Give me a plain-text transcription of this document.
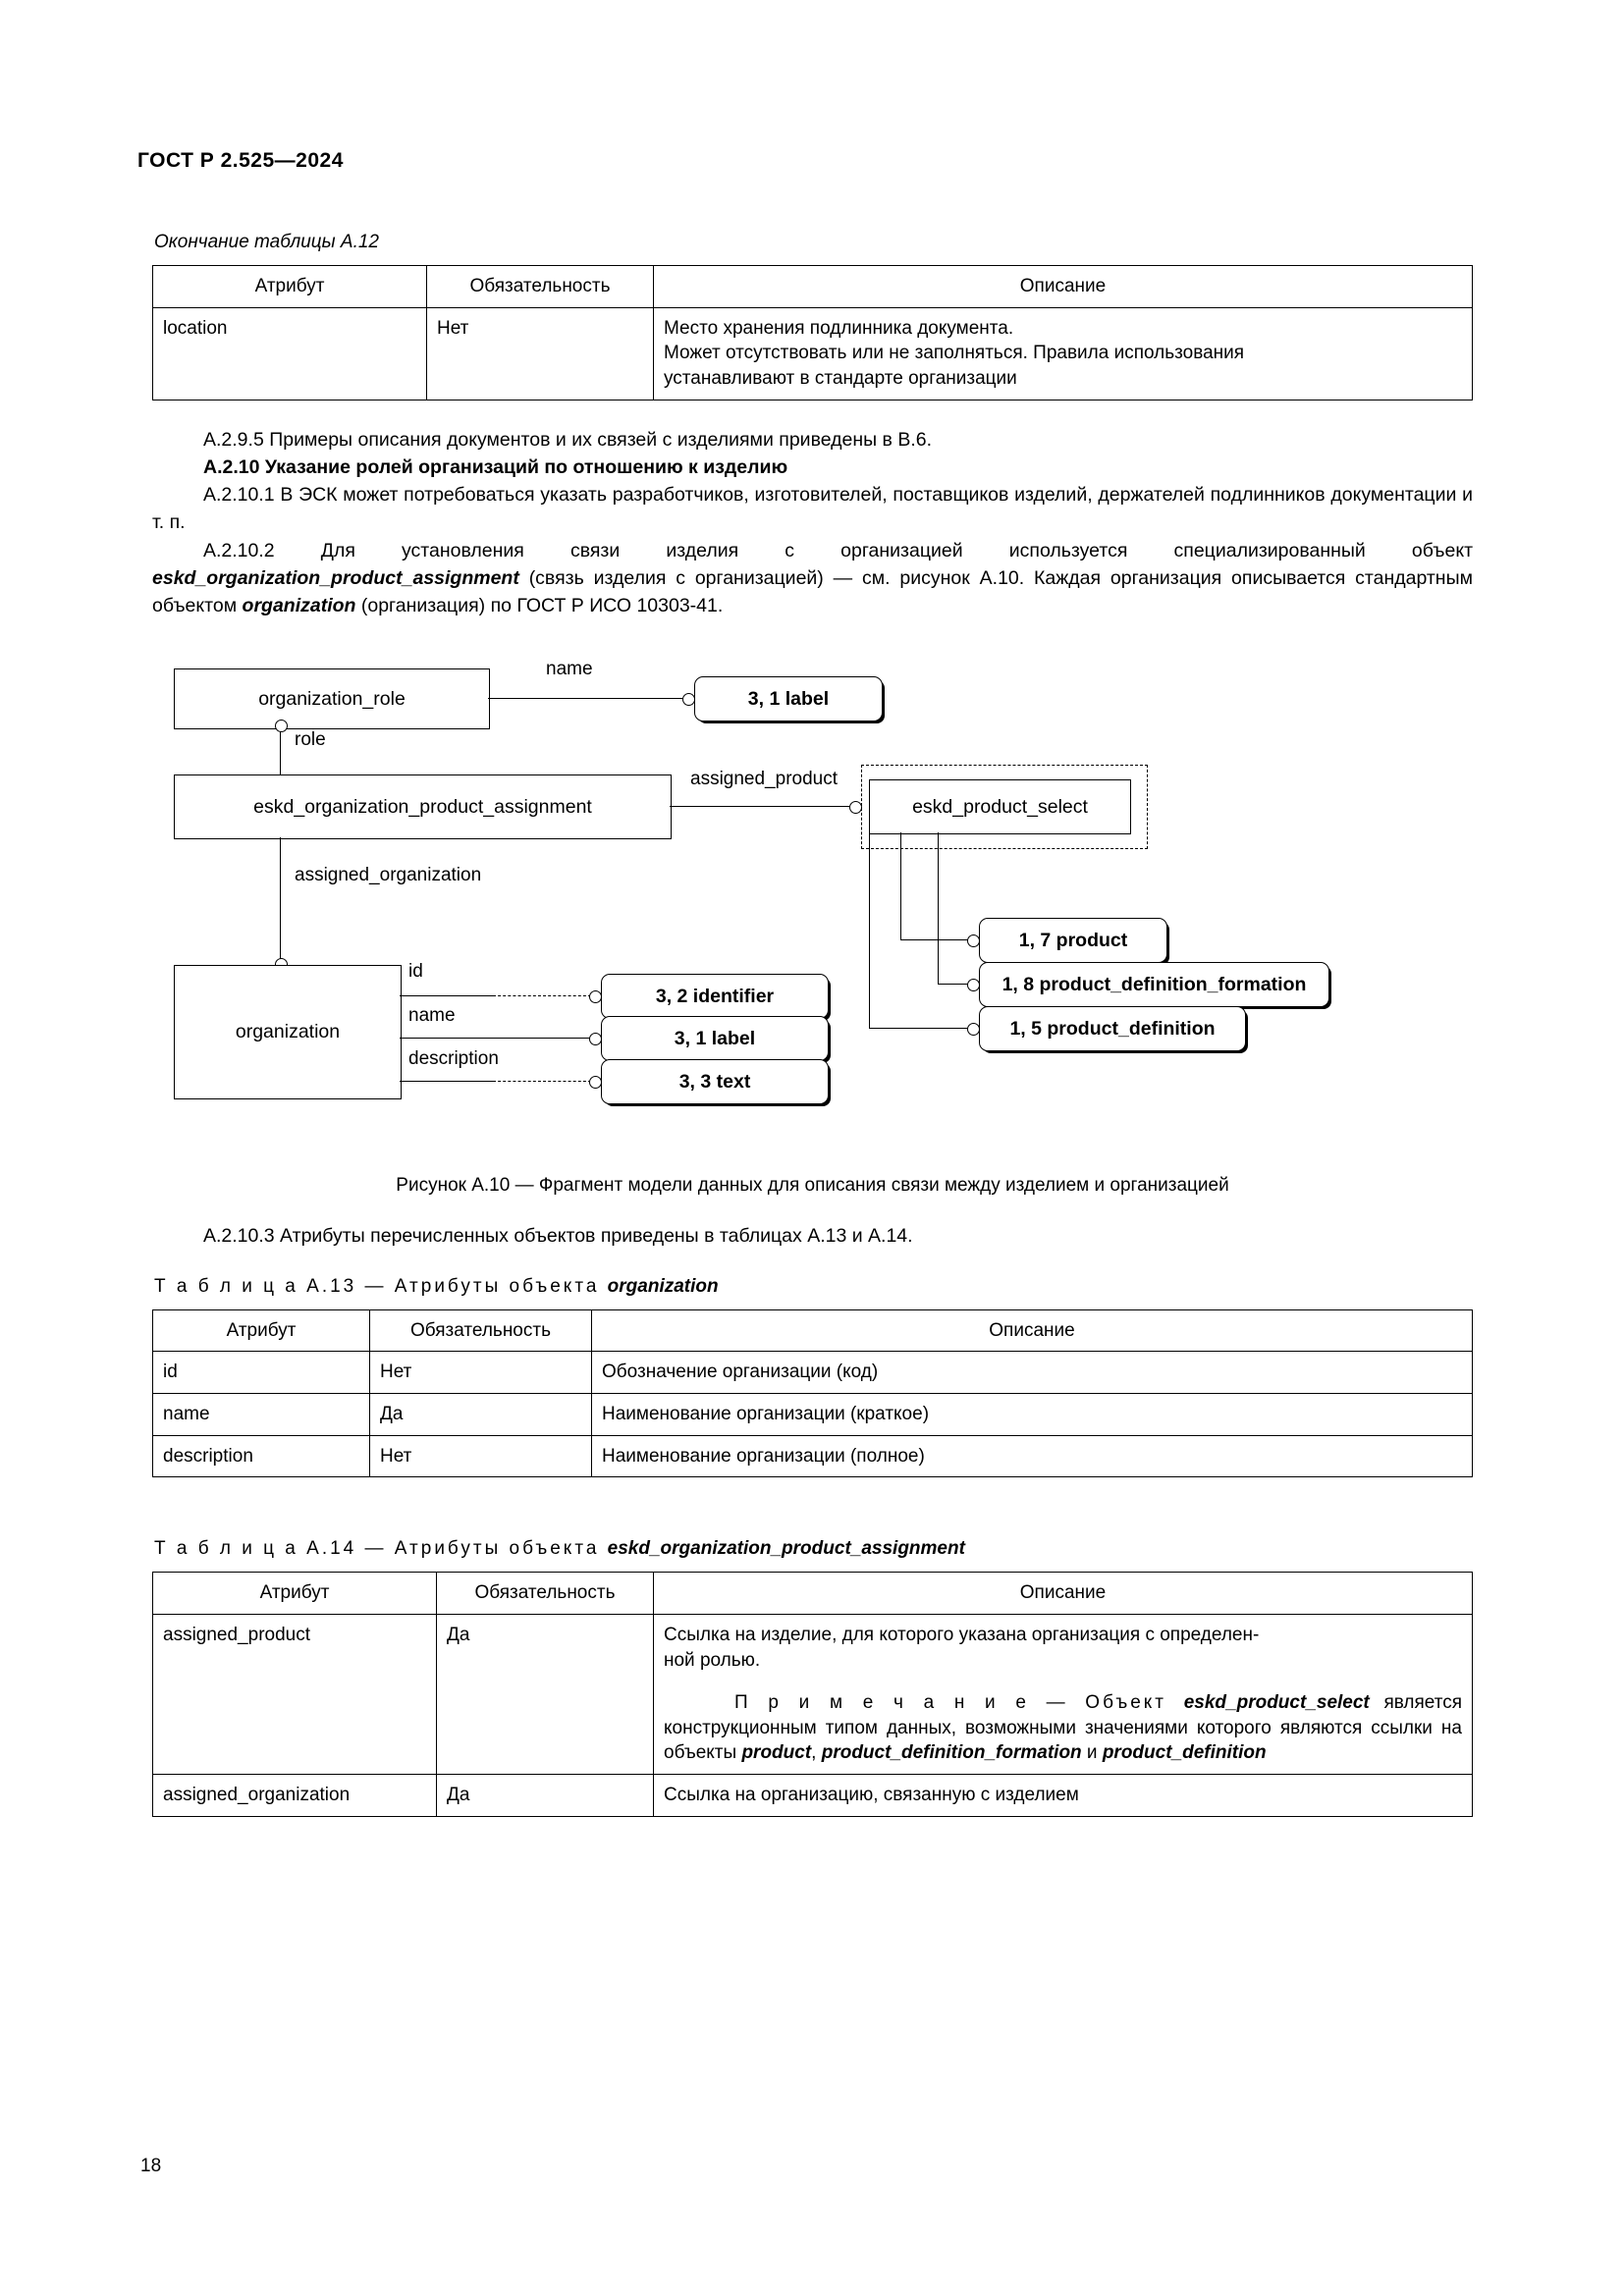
ГОСТ Р 2.525—2024
Окончание таблицы А.12
Атрибут	Обязательность	Описание
location	Нет	Место хранения подлинника документа.
Может отсутствовать или не заполняться. Правила использования
устанавливают в стандарте организации

А.2.9.5 Примеры описания документов и их связей с изделиями приведены в В.6.

А.2.10 Указание ролей организаций по отношению к изделию

А.2.10.1 В ЭСК может потребоваться указать разработчиков, изготовителей, поставщиков изделий, держателей подлинников документации и т. п.

А.2.10.2 Для установления связи изделия с организацией используется специализированный объект eskd_organization_product_assignment (связь изделия с организацией) — см. рисунок А.10. Каждая организация описывается стандартным объектом organization (организация) по ГОСТ Р ИСО 10303-41.

organization_role
name
3, 1 label
role
eskd_organization_product_assignment
assigned_product
eskd_product_select
1, 7 product
1, 8 product_definition_formation
1, 5 product_definition
assigned_organization
organization
id
3, 2 identifier
name
3, 1 label
description
3, 3 text
Рисунок А.10 — Фрагмент модели данных для описания связи между изделием и организацией

А.2.10.3 Атрибуты перечисленных объектов приведены в таблицах А.13 и А.14.

Т а б л и ц а А.13 — Атрибуты объекта organization
Атрибут	Обязательность	Описание
id	Нет	Обозначение организации (код)
name	Да	Наименование организации (краткое)
description	Нет	Наименование организации (полное)
Т а б л и ц а А.14 — Атрибуты объекта eskd_organization_product_assignment
Атрибут	Обязательность	Описание
assigned_product	Да	Ссылка на изделие, для которого указана организация с определен-
ной ролью.
П р и м е ч а н и е — Объект eskd_product_select является конструкционным типом данных, возможными значениями которого являются ссылки на объекты product, product_definition_formation и product_definition

assigned_organization	Да	Ссылка на организацию, связанную с изделием
18
